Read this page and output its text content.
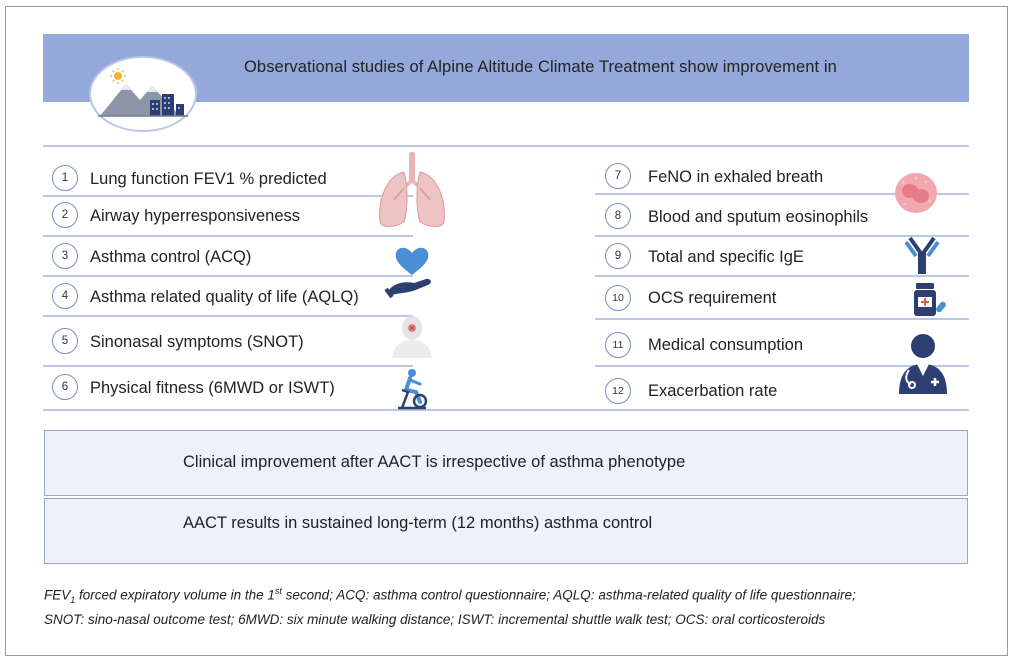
Observational studies of Alpine Altitude Climate Treatment show improvement in
1	Lung function FEV1 % predicted
2	Airway hyperresponsiveness
3	Asthma control (ACQ)
4	Asthma related quality of life (AQLQ)
5	Sinonasal symptoms (SNOT)
6	Physical fitness (6MWD or ISWT)
7	FeNO in exhaled breath
8	Blood and sputum eosinophils
9	Total and specific IgE
10	OCS requirement
11	Medical consumption
12	Exacerbation rate
Clinical improvement after AACT is irrespective of asthma phenotype
AACT results in sustained long-term (12 months) asthma control
$FEV_1$ forced expiratory volume in the 1st second; ACQ: asthma control questionnaire; AQLQ: asthma-related quality of life questionnaire;
SNOT: sino-nasal outcome test; 6MWD: six minute walking distance; ISWT: incremental shuttle walk test; OCS: oral corticosteroids
